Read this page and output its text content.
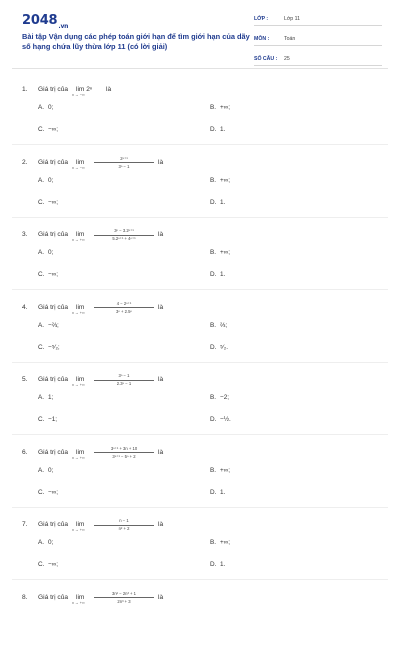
$2048_{.vn}$
Bài tập Vận dụng các phép toán giới hạn để tìm giới hạn của dãy số hạng chứa lũy thừa lớp 11 (có lời giải)
LỚP :	Lớp 11
MÔN :	Toán
SỐ CÂU : 25
1. Giá trị của lim 2ⁿ
x → −∞
là
A. 0;	B. +∞;
C. −∞;	D. 1.
2. Giá trị của lim
x → −∞
2ⁿ⁺¹
3ⁿ − 1
là
A. 0;	B. +∞;
C. −∞;	D. 1.
3. Giá trị của lim
x → +∞
3ⁿ − 3.2ⁿ⁺¹
5.2ⁿ⁺¹ + 4ⁿ⁺¹
là
A. 0;	B. +∞;
C. −∞;	D. 1.
4. Giá trị của lim
x → +∞
4 − 2ⁿ⁺¹
3ⁿ + 2.5ⁿ
là
A. −⅔;	B. ⅔;
C. −⁵⁄₂;	D. ⁵⁄₂.
5. Giá trị của lim
x → +∞
3ⁿ − 1
2.3ⁿ − 1
là
A. 1;	B. −2;
C. −1;	D. −½.
6. Giá trị của lim
x → +∞
3ⁿ⁺¹ + 3n + 10
3ⁿ⁺¹ − 5ⁿ + 2
là
A. 0;	B. +∞;
C. −∞;	D. 1.
7. Giá trị của lim
x → +∞
n − 1
n² + 2
là
A. 0;	B. +∞;
C. −∞;	D. 1.
8. Giá trị của lim
x → +∞
3n² − 2n³ + 1
2n³ + 3
là
